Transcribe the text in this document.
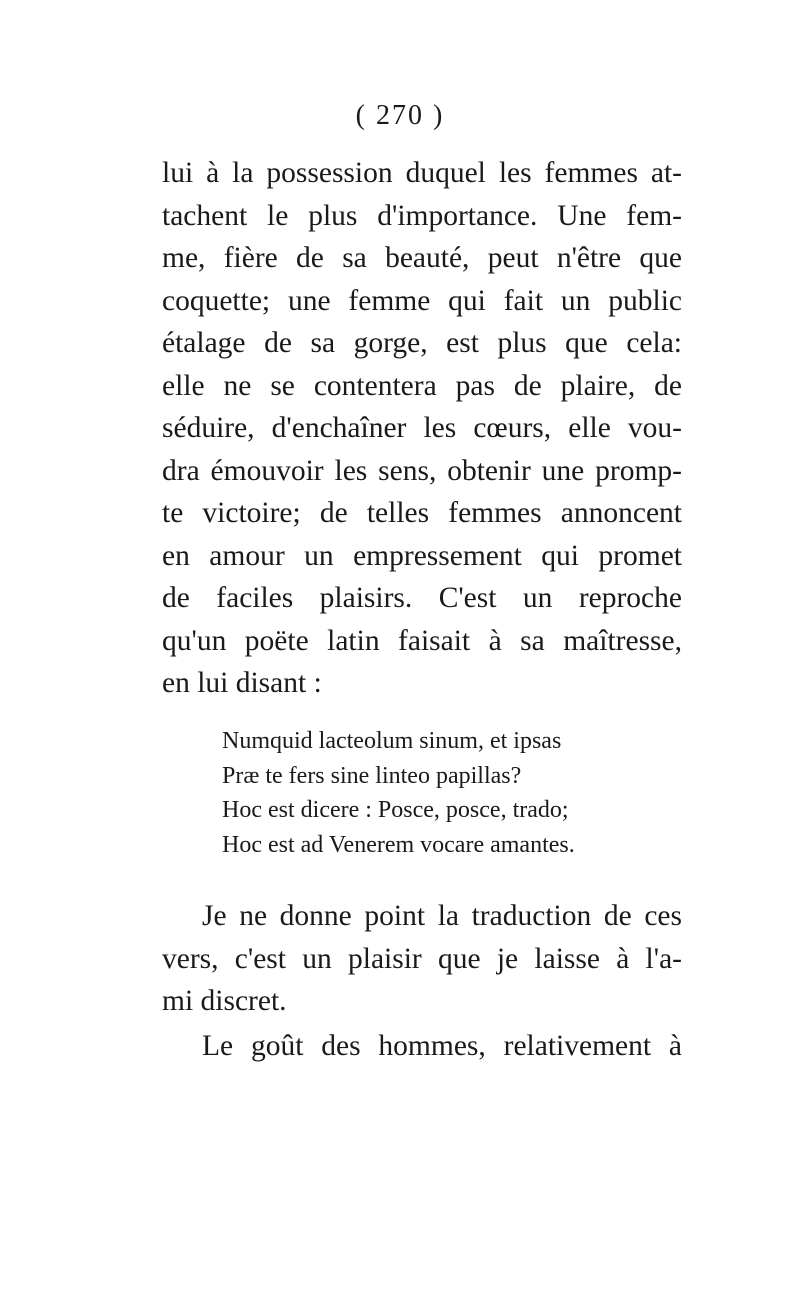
( 270 )
lui à la possession duquel les femmes at-
tachent le plus d'importance. Une fem-
me, fière de sa beauté, peut n'être que
coquette; une femme qui fait un public
étalage de sa gorge, est plus que cela:
elle ne se contentera pas de plaire, de
séduire, d'enchaîner les cœurs, elle vou-
dra émouvoir les sens, obtenir une promp-
te victoire; de telles femmes annoncent
en amour un empressement qui promet
de faciles plaisirs. C'est un reproche
qu'un poëte latin faisait à sa maîtresse,
en lui disant :
Numquid lacteolum sinum, et ipsas
Præ te fers sine linteo papillas?
Hoc est dicere : Posce, posce, trado;
Hoc est ad Venerem vocare amantes.
Je ne donne point la traduction de ces
vers, c'est un plaisir que je laisse à l'a-
mi discret.
Le goût des hommes, relativement à
